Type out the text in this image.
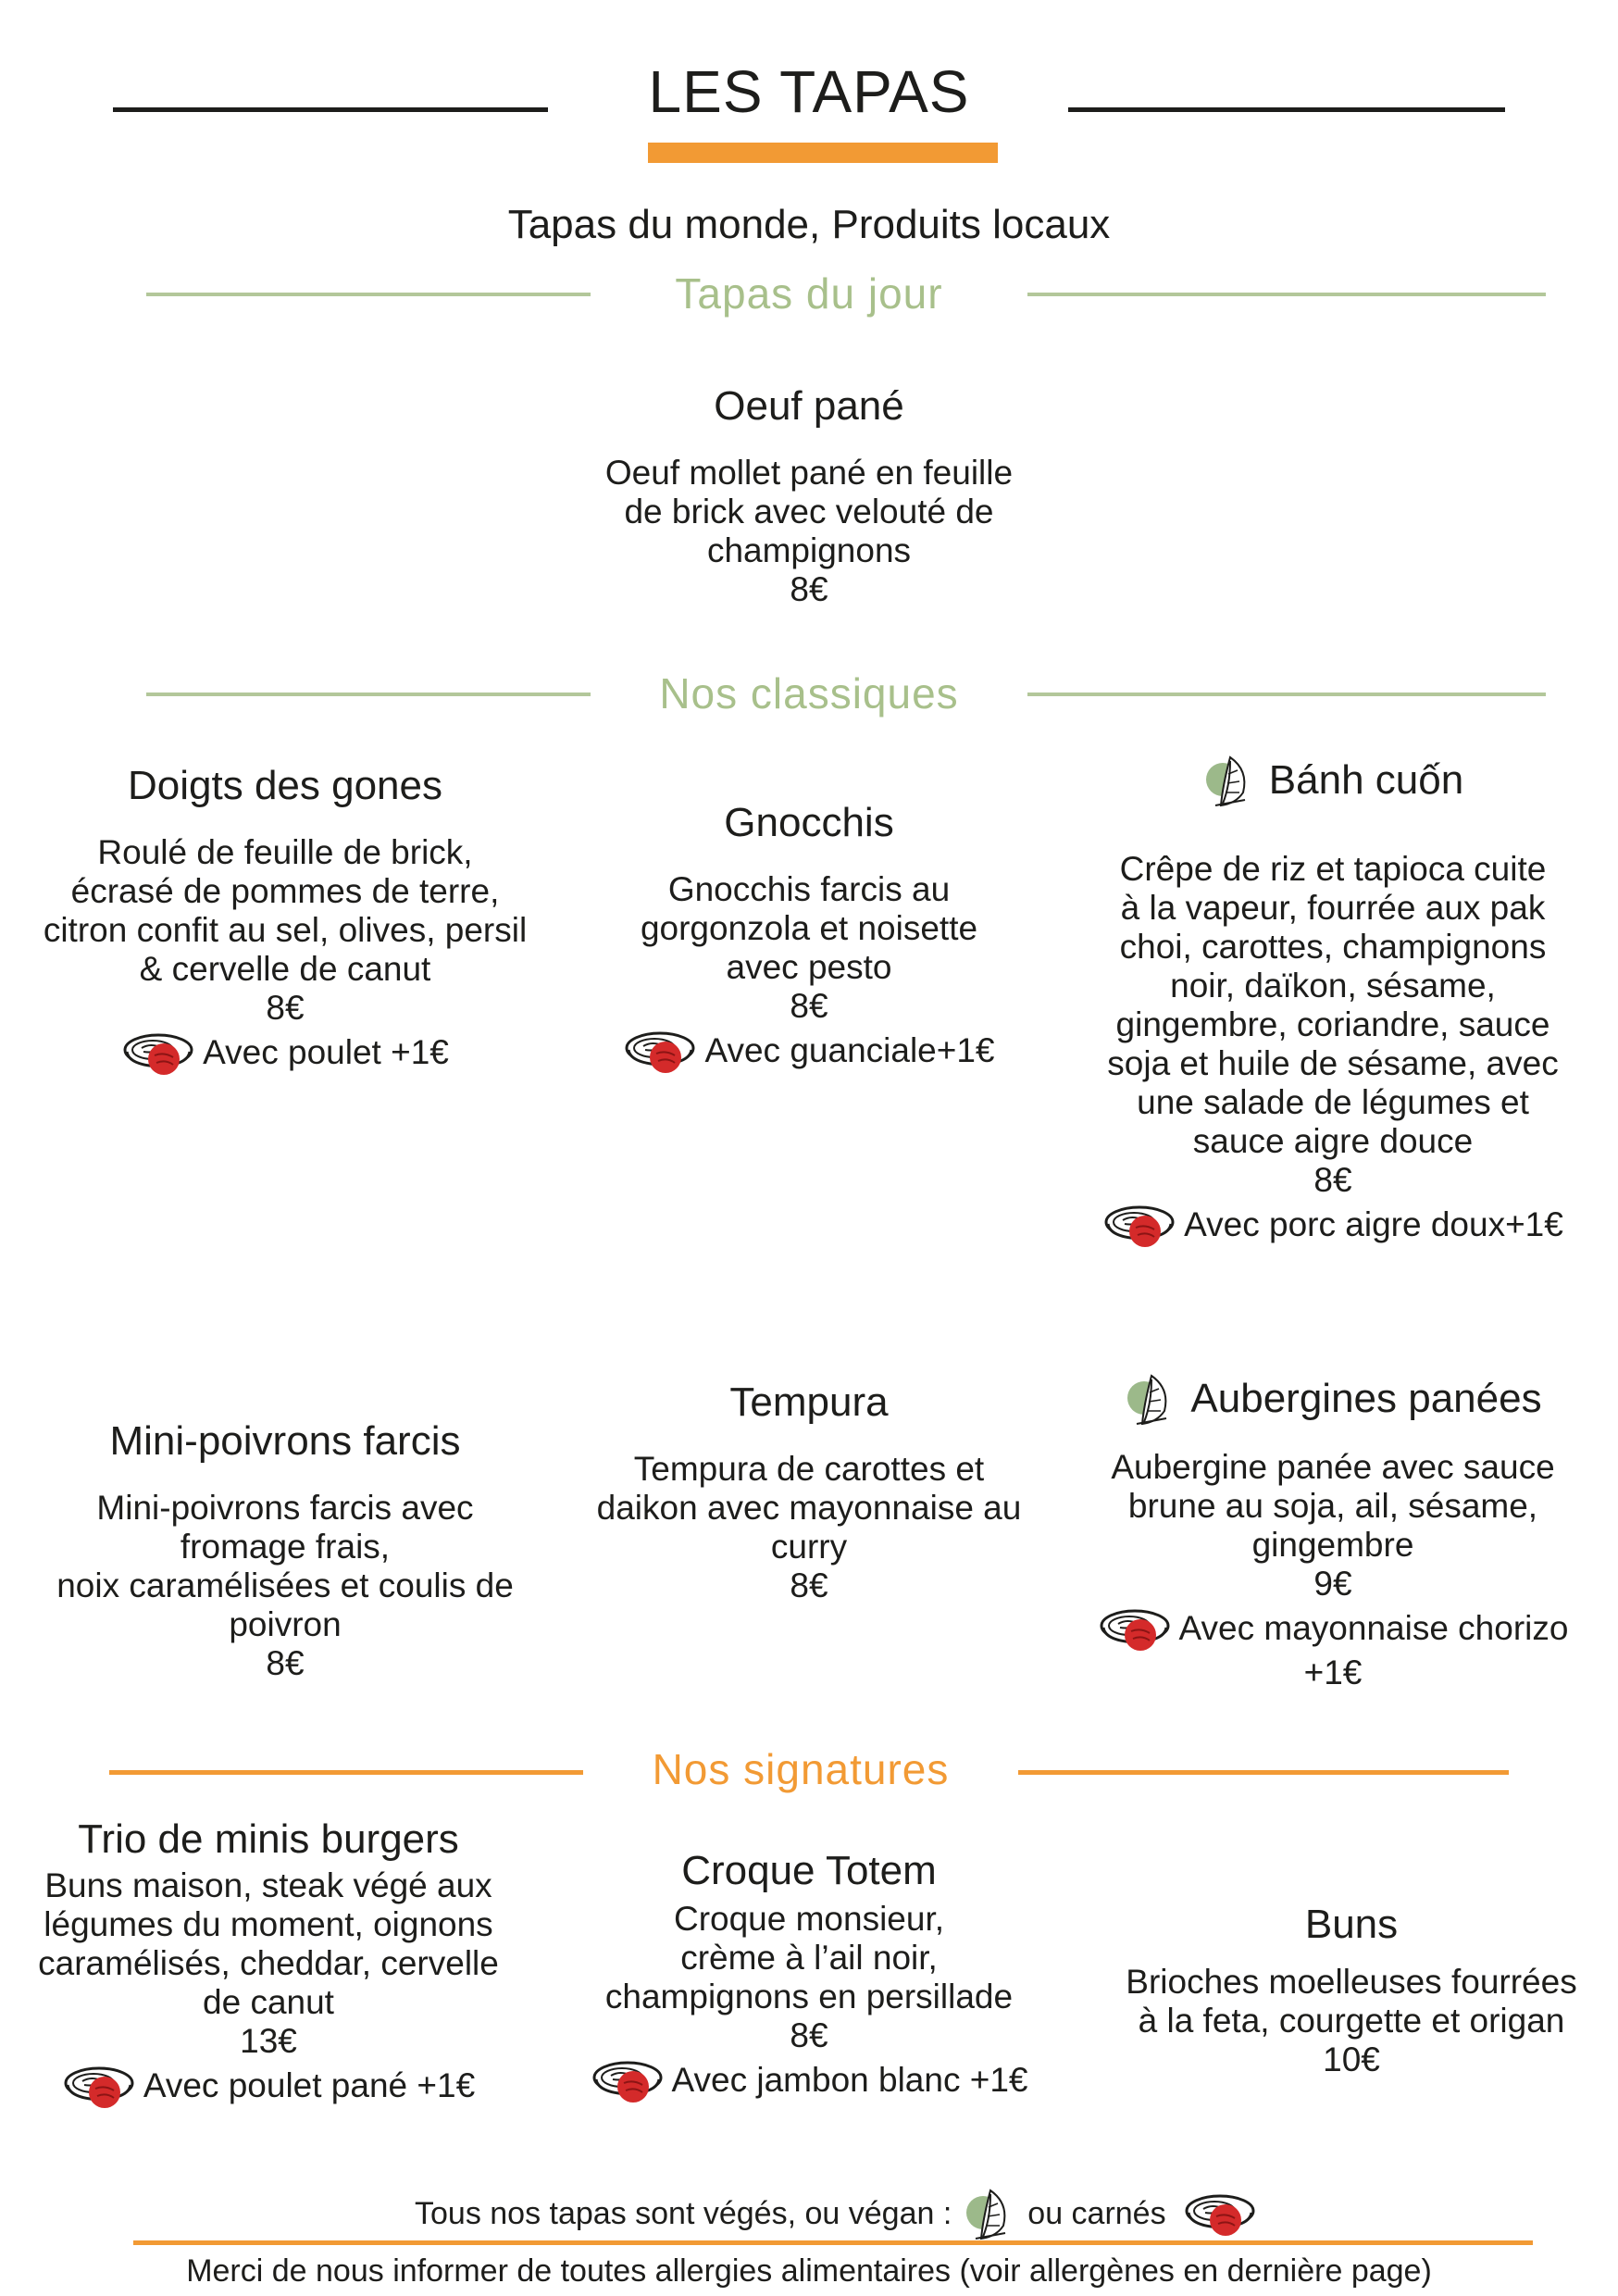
LES TAPAS
Tapas du monde, Produits locaux
Tapas du jour
Oeuf pané
Oeuf mollet pané en feuille
de brick avec velouté de
champignons
8€
Nos classiques
Doigts des gones
Roulé de feuille de brick,
écrasé de pommes de terre,
citron confit au sel, olives, persil
& cervelle de canut
8€
Avec poulet +1€
Gnocchis
Gnocchis farcis au
gorgonzola et noisette
avec pesto
8€
Avec guanciale+1€
Bánh cuốn
Crêpe de riz et tapioca cuite
à la vapeur, fourrée aux pak
choi, carottes, champignons
noir, daïkon, sésame,
gingembre, coriandre, sauce
soja et huile de sésame, avec
une salade de légumes et
sauce aigre douce
8€
Avec porc aigre doux+1€
Mini-poivrons farcis
Mini-poivrons farcis avec
fromage frais,
noix caramélisées et coulis de
poivron
8€
Tempura
Tempura de carottes et
daikon avec mayonnaise au
curry
8€
Aubergines panées
Aubergine panée avec sauce
brune au soja, ail, sésame,
gingembre
9€
Avec mayonnaise chorizo
+1€
Nos signatures
Trio de minis burgers
Buns maison, steak végé aux
légumes du moment, oignons
caramélisés, cheddar, cervelle
de canut
13€
Avec poulet pané +1€
Croque Totem
Croque monsieur,
crème à l’ail noir,
champignons en persillade
8€
Avec jambon blanc +1€
Buns
Brioches moelleuses fourrées
à la feta, courgette et origan
10€
Tous nos tapas sont végés, ou végan : ou carnés
Merci de nous informer de toutes allergies alimentaires (voir allergènes en dernière page)
